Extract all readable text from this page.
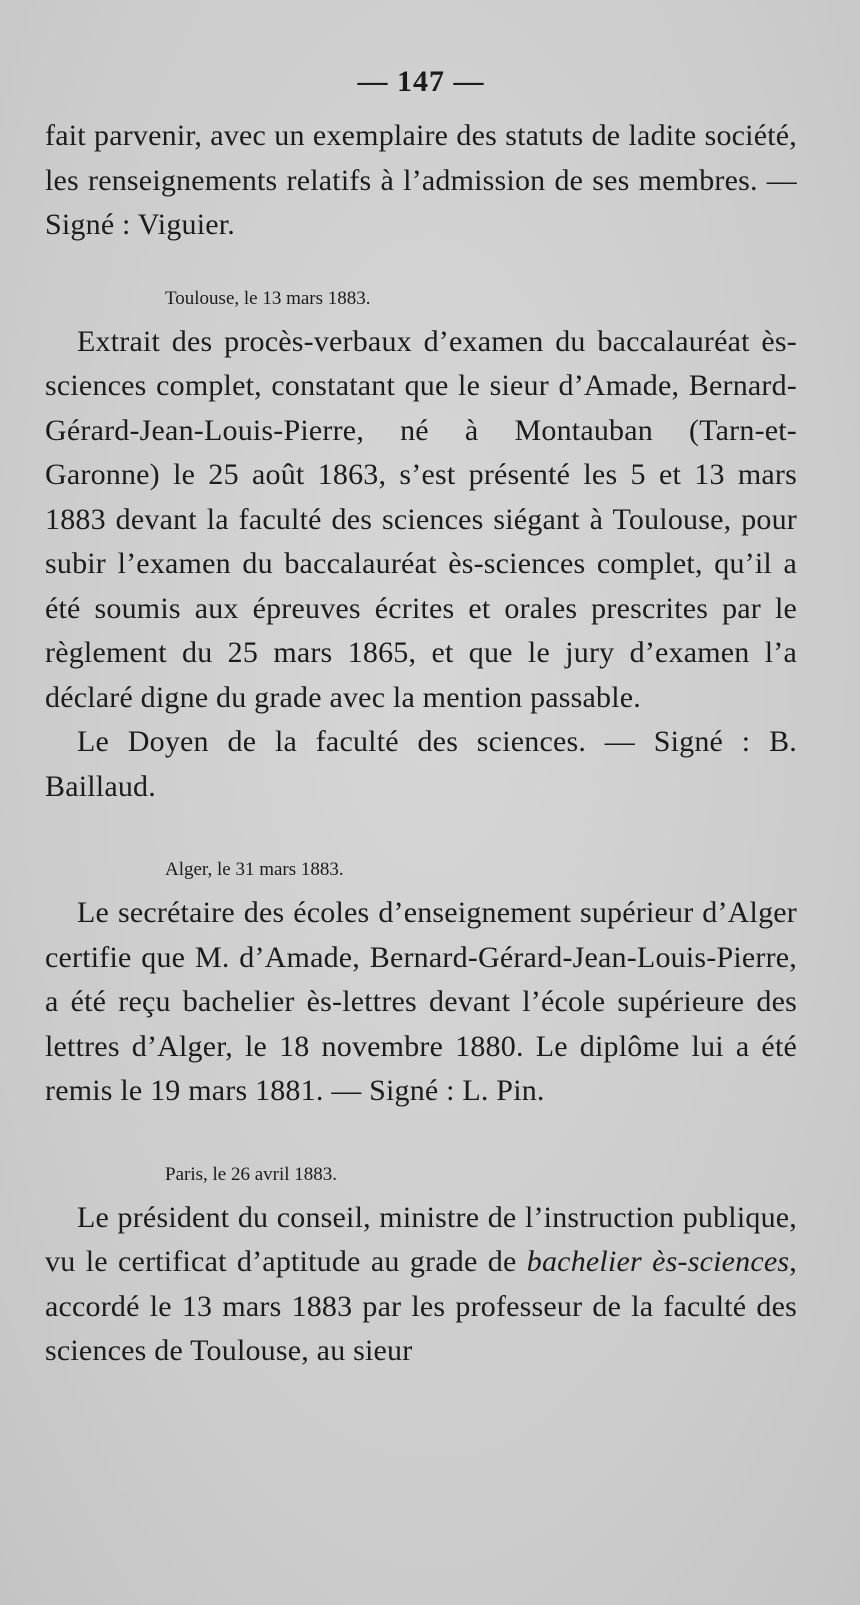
— 147 —

fait parvenir, avec un exemplaire des statuts de ladite société, les renseignements relatifs à l’admission de ses membres. — Signé : Viguier.

Toulouse, le 13 mars 1883.

Extrait des procès-verbaux d’examen du baccalauréat ès-sciences complet, constatant que le sieur d’Amade, Bernard-Gérard-Jean-Louis-Pierre, né à Montauban (Tarn-et-Garonne) le 25 août 1863, s’est présenté les 5 et 13 mars 1883 devant la faculté des sciences siégant à Toulouse, pour subir l’examen du baccalauréat ès-sciences complet, qu’il a été soumis aux épreuves écrites et orales prescrites par le règlement du 25 mars 1865, et que le jury d’examen l’a déclaré digne du grade avec la mention passable.

Le Doyen de la faculté des sciences. — Signé : B. Baillaud.

Alger, le 31 mars 1883.

Le secrétaire des écoles d’enseignement supérieur d’Alger certifie que M. d’Amade, Bernard-Gérard-Jean-Louis-Pierre, a été reçu bachelier ès-lettres devant l’école supérieure des lettres d’Alger, le 18 novembre 1880. Le diplôme lui a été remis le 19 mars 1881. — Signé : L. Pin.

Paris, le 26 avril 1883.

Le président du conseil, ministre de l’instruction publique, vu le certificat d’aptitude au grade de bachelier ès-sciences, accordé le 13 mars 1883 par les professeur de la faculté des sciences de Toulouse, au sieur
